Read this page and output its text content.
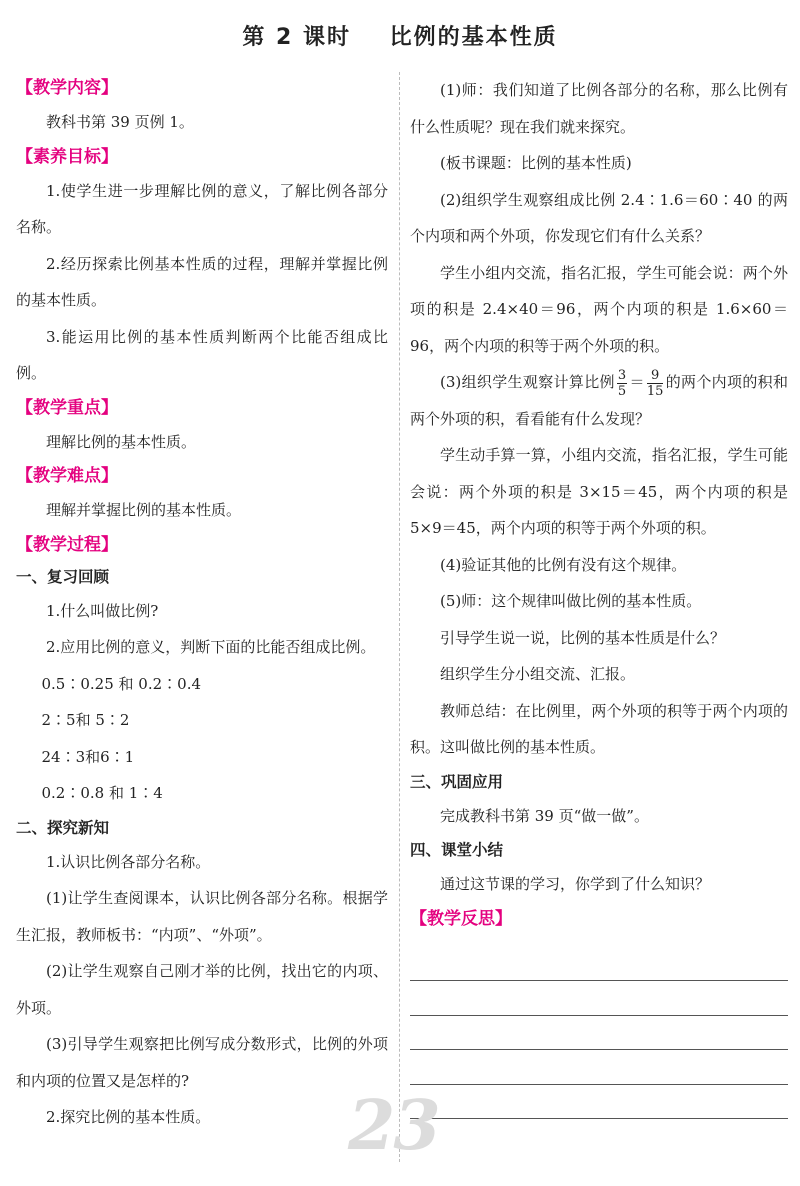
第 2 课时    比例的基本性质
【教学内容】

教科书第 39 页例 1。

【素养目标】

1.使学生进一步理解比例的意义，了解比例各部分名称。

2.经历探索比例基本性质的过程，理解并掌握比例的基本性质。

3.能运用比例的基本性质判断两个比能否组成比例。

【教学重点】

理解比例的基本性质。

【教学难点】

理解并掌握比例的基本性质。

【教学过程】
一、复习回顾

1.什么叫做比例?

2.应用比例的意义，判断下面的比能否组成比例。

0.5∶0.25 和 0.2∶0.4

2∶5和 5∶2

24∶3和6∶1

0.2∶0.8 和 1∶4

二、探究新知

1.认识比例各部分名称。

(1)让学生查阅课本，认识比例各部分名称。根据学生汇报，教师板书：“内项”、“外项”。

(2)让学生观察自己刚才举的比例，找出它的内项、外项。

(3)引导学生观察把比例写成分数形式，比例的外项和内项的位置又是怎样的?

2.探究比例的基本性质。

(1)师：我们知道了比例各部分的名称，那么比例有什么性质呢？现在我们就来探究。

(板书课题：比例的基本性质)

(2)组织学生观察组成比例 2.4∶1.6＝60∶40 的两个内项和两个外项，你发现它们有什么关系？

学生小组内交流，指名汇报，学生可能会说：两个外项的积是 2.4×40＝96，两个内项的积是 1.6×60＝96，两个内项的积等于两个外项的积。

(3)组织学生观察计算比例 $\frac{3}{5} = \frac{9}{15}$ 的两个内项的积和两个外项的积，看看能有什么发现？

学生动手算一算，小组内交流，指名汇报，学生可能会说：两个外项的积是 3×15＝45，两个内项的积是 5×9＝45，两个内项的积等于两个外项的积。

(4)验证其他的比例有没有这个规律。

(5)师：这个规律叫做比例的基本性质。

引导学生说一说，比例的基本性质是什么？

组织学生分小组交流、汇报。

教师总结：在比例里，两个外项的积等于两个内项的积。这叫做比例的基本性质。

三、巩固应用

完成教科书第 39 页“做一做”。

四、课堂小结

通过这节课的学习，你学到了什么知识？

【教学反思】
23
